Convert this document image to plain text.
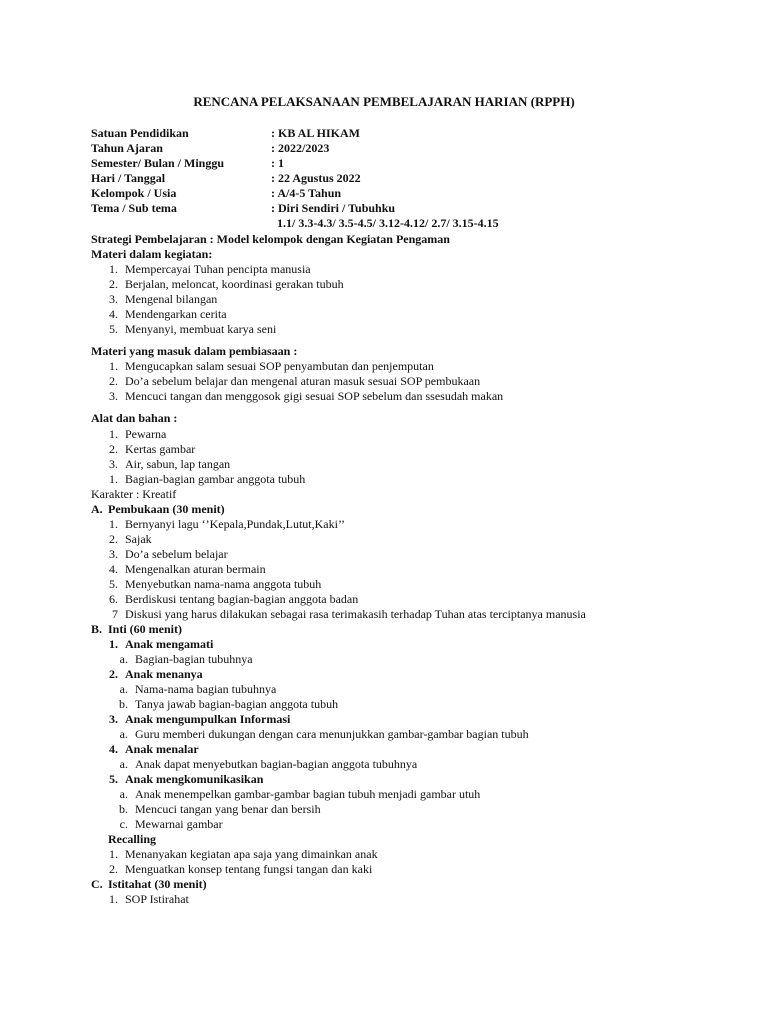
RENCANA PELAKSANAAN PEMBELAJARAN HARIAN (RPPH)
Satuan Pendidikan	: KB AL HIKAM
Tahun Ajaran	: 2022/2023
Semester/ Bulan / Minggu	: 1
Hari / Tanggal	: 22 Agustus 2022
Kelompok / Usia	: A/4-5 Tahun
Tema / Sub tema	: Diri Sendiri / Tubuhku
1.1/ 3.3-4.3/ 3.5-4.5/ 3.12-4.12/ 2.7/ 3.15-4.15
Strategi Pembelajaran : Model kelompok dengan Kegiatan Pengaman
Materi dalam kegiatan:
1. Mempercayai Tuhan pencipta manusia
2. Berjalan, meloncat, koordinasi gerakan tubuh
3. Mengenal bilangan
4. Mendengarkan cerita
5. Menyanyi, membuat karya seni
Materi yang masuk dalam pembiasaan :
1. Mengucapkan salam sesuai SOP penyambutan dan penjemputan
2. Do’a sebelum belajar dan mengenal aturan masuk sesuai SOP pembukaan
3. Mencuci tangan dan menggosok gigi sesuai SOP sebelum dan ssesudah makan
Alat dan bahan :
1. Pewarna
2. Kertas gambar
3. Air, sabun, lap tangan
1. Bagian-bagian gambar anggota tubuh
Karakter : Kreatif
A. Pembukaan (30 menit)
1. Bernyanyi lagu ‘’Kepala,Pundak,Lutut,Kaki’’
2. Sajak
3. Do’a sebelum belajar
4. Mengenalkan aturan bermain
5. Menyebutkan nama-nama anggota tubuh
6. Berdiskusi tentang bagian-bagian anggota badan
7 Diskusi yang harus dilakukan sebagai rasa terimakasih terhadap Tuhan atas terciptanya manusia
B. Inti (60 menit)
1. Anak mengamati
a. Bagian-bagian tubuhnya
2. Anak menanya
a. Nama-nama bagian tubuhnya
b. Tanya jawab bagian-bagian anggota tubuh
3. Anak mengumpulkan Informasi
a. Guru memberi dukungan dengan cara menunjukkan gambar-gambar bagian tubuh
4. Anak menalar
a. Anak dapat menyebutkan bagian-bagian anggota tubuhnya
5. Anak mengkomunikasikan
a. Anak menempelkan gambar-gambar bagian tubuh menjadi gambar utuh
b. Mencuci tangan yang benar dan bersih
c. Mewarnai gambar
Recalling
1. Menanyakan kegiatan apa saja yang dimainkan anak
2. Menguatkan konsep tentang fungsi tangan dan kaki
C. Istitahat (30 menit)
1. SOP Istirahat
